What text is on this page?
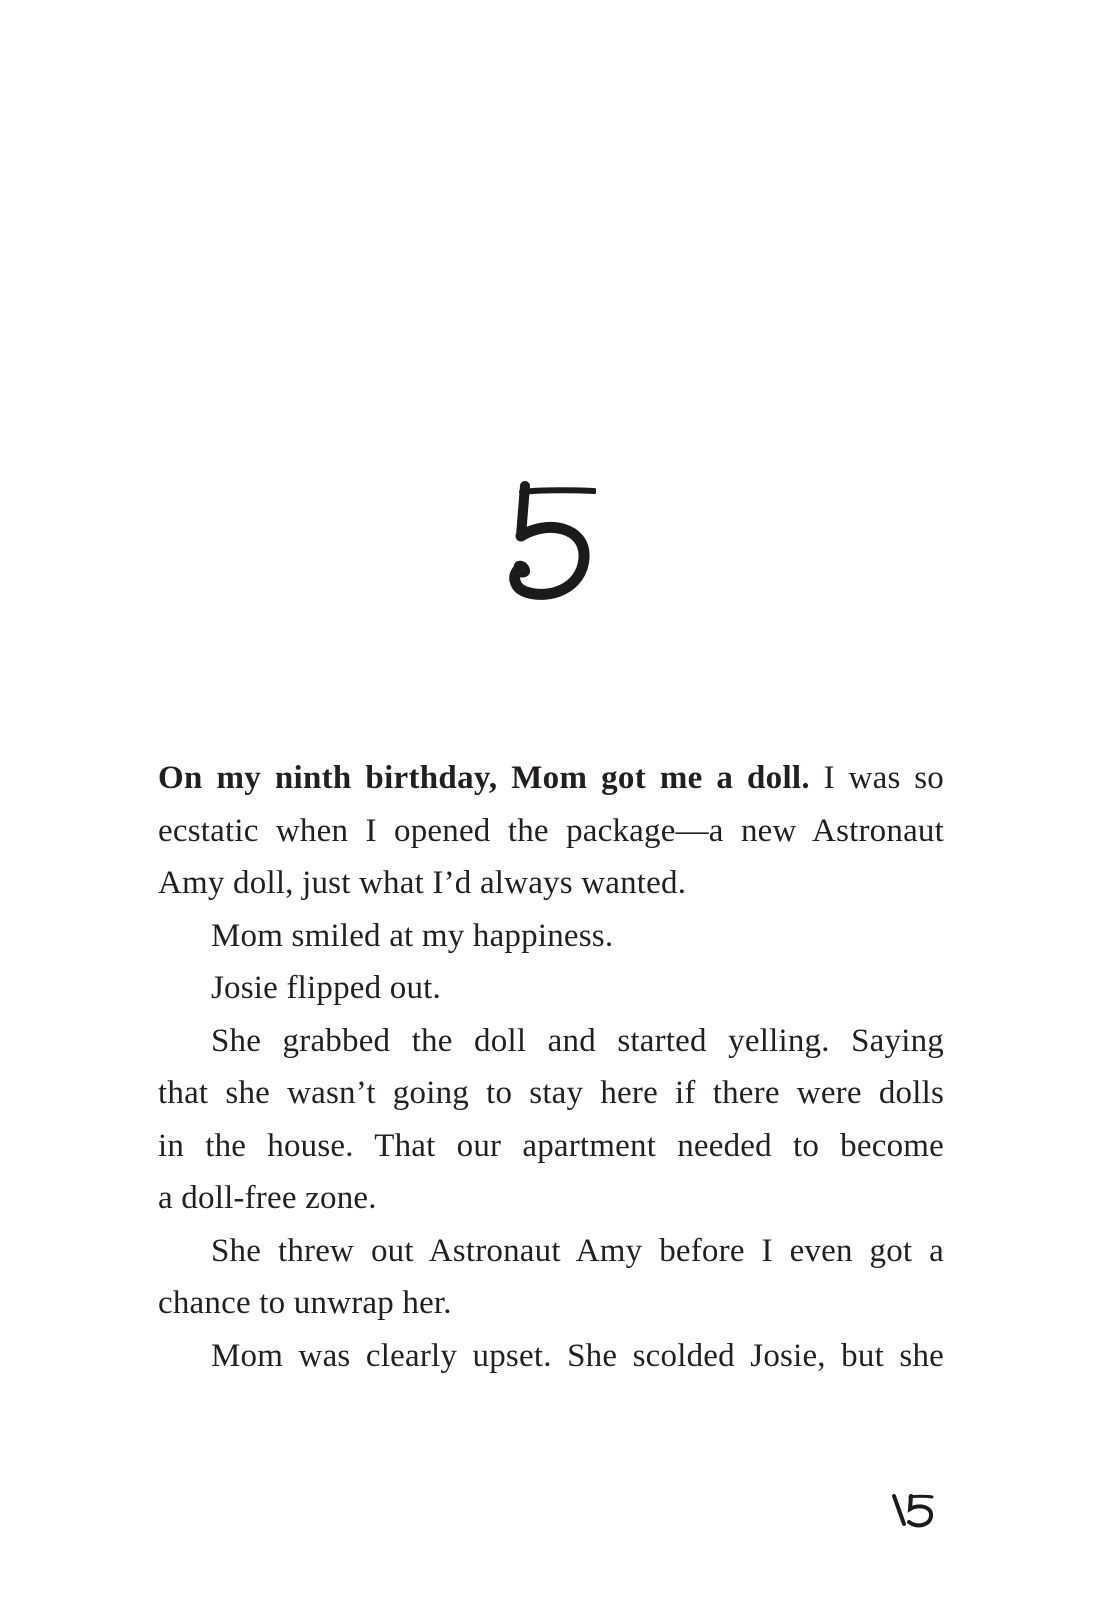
On my ninth birthday, Mom got me a doll. I was so
ecstatic when I opened the package—a new Astronaut
Amy doll, just what I’d always wanted.
Mom smiled at my happiness.
Josie flipped out.
She grabbed the doll and started yelling. Saying
that she wasn’t going to stay here if there were dolls
in the house. That our apartment needed to become
a doll-free zone.
She threw out Astronaut Amy before I even got a
chance to unwrap her.
Mom was clearly upset. She scolded Josie, but she
